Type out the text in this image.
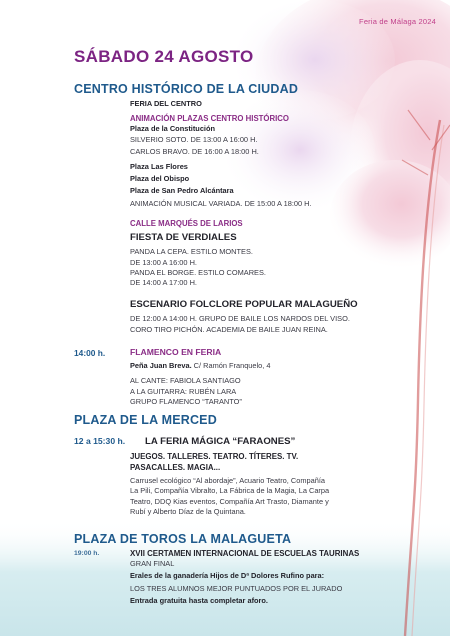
Feria de Málaga 2024
SÁBADO 24 AGOSTO
CENTRO HISTÓRICO DE LA CIUDAD
FERIA DEL CENTRO
ANIMACIÓN PLAZAS CENTRO HISTÓRICO
Plaza de la Constitución
SILVERIO SOTO. DE 13:00 A 16:00 H.
CARLOS BRAVO. DE 16:00 A 18:00 H.
Plaza Las Flores
Plaza del Obispo
Plaza de San Pedro Alcántara
ANIMACIÓN MUSICAL VARIADA. DE 15:00 A 18:00 H.
CALLE MARQUÉS DE LARIOS
FIESTA DE VERDIALES
PANDA LA CEPA. ESTILO MONTES.
DE 13:00 A 16:00 H.
PANDA EL BORGE. ESTILO COMARES.
DE 14:00 A 17:00 H.
ESCENARIO FOLCLORE POPULAR MALAGUEÑO
DE 12:00 A 14:00 H. GRUPO DE BAILE LOS NARDOS DEL VISO.
CORO TIRO PICHÓN. ACADEMIA DE BAILE JUAN REINA.
14:00 h.	FLAMENCO EN FERIA
Peña Juan Breva. C/ Ramón Franquelo, 4
AL CANTE: FABIOLA SANTIAGO
A LA GUITARRA: RUBÉN LARA
GRUPO FLAMENCO “TARANTO”
PLAZA DE LA MERCED
12 a 15:30 h. LA FERIA MÁGICA “FARAONES”
JUEGOS. TALLERES. TEATRO. TÍTERES. TV.
PASACALLES. MAGIA...
Carrusel ecológico “Al abordaje”, Acuario Teatro, Compañía
La Pili, Compañía Vibralto, La Fábrica de la Magia, La Carpa
Teatro, DDQ Kias eventos, Compañía Art Trasto, Diamante y
Rubí y Alberto Díaz de la Quintana.
PLAZA DE TOROS LA MALAGUETA
19:00 h.	XVII CERTAMEN INTERNACIONAL DE ESCUELAS TAURINAS
GRAN FINAL
Erales de la ganadería Hijos de Dª Dolores Rufino para:
LOS TRES ALUMNOS MEJOR PUNTUADOS POR EL JURADO
Entrada gratuita hasta completar aforo.
